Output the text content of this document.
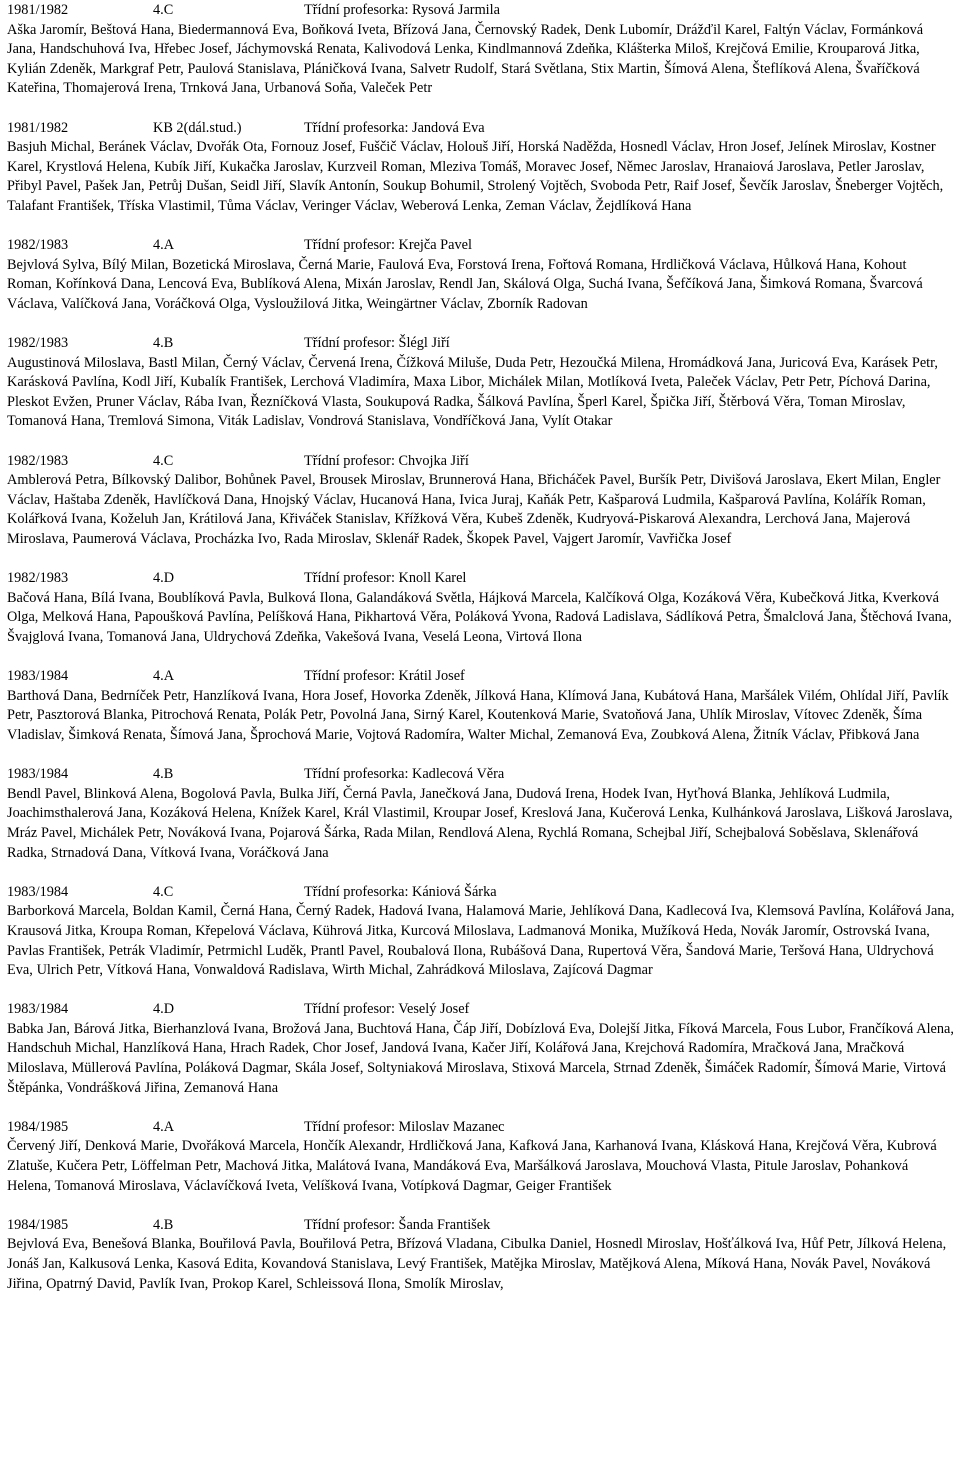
1981/1982	4.C	Třídní profesorka: Rysová Jarmila

Aška Jaromír, Beštová Hana, Biedermannová Eva, Boňková Iveta, Břízová Jana, Černovský Radek, Denk Lubomír, Drážďil Karel, Faltýn Václav, Formánková Jana, Handschuhová Iva, Hřebec Josef, Jáchymovská Renata, Kalivodová Lenka, Kindlmannová Zdeňka, Klášterka Miloš, Krejčová Emilie, Krouparová Jitka, Kylián Zdeněk, Markgraf Petr, Paulová Stanislava, Pláničková Ivana, Salvetr Rudolf, Stará Světlana, Stix Martin, Šímová Alena, Šteflíková Alena, Švaříčková Kateřina, Thomajerová Irena, Trnková Jana, Urbanová Soňa, Valeček Petr

1981/1982	KB 2(dál.stud.)	Třídní profesorka: Jandová Eva

Basjuh Michal, Beránek Václav, Dvořák Ota, Fornouz Josef, Fuščič Václav, Holouš Jiří, Horská Naděžda, Hosnedl Václav, Hron Josef, Jelínek Miroslav, Kostner Karel, Krystlová Helena, Kubík Jiří, Kukačka Jaroslav, Kurzveil Roman, Mleziva Tomáš, Moravec Josef, Němec Jaroslav, Hranaiová Jaroslava, Petler Jaroslav, Přibyl Pavel, Pašek Jan, Petrůj Dušan, Seidl Jiří, Slavík Antonín, Soukup Bohumil, Strolený Vojtěch, Svoboda Petr, Raif Josef, Ševčík Jaroslav, Šneberger Vojtěch, Talafant František, Tříska Vlastimil, Tůma Václav, Veringer Václav, Weberová Lenka, Zeman Václav, Žejdlíková Hana

1982/1983	4.A	Třídní profesor: Krejča Pavel

Bejvlová Sylva, Bílý Milan, Bozetická Miroslava, Černá Marie, Faulová Eva, Forstová Irena, Fořtová Romana, Hrdličková Václava, Hůlková Hana, Kohout Roman, Kořínková Dana, Lencová Eva, Bublíková Alena, Mixán Jaroslav, Rendl Jan, Skálová Olga, Suchá Ivana, Šefčíková Jana, Šimková Romana, Švarcová Václava, Valíčková Jana, Voráčková Olga, Vysloužilová Jitka, Weingärtner Václav, Zborník Radovan

1982/1983	4.B	Třídní profesor: Šlégl Jiří

Augustinová Miloslava, Bastl Milan, Černý Václav, Červená Irena, Čížková Miluše, Duda Petr, Hezoučká Milena, Hromádková Jana, Juricová Eva, Karásek Petr, Karásková Pavlína, Kodl Jiří, Kubalík František, Lerchová Vladimíra, Maxa Libor, Michálek Milan, Motlíková Iveta, Paleček Václav, Petr Petr, Píchová Darina, Pleskot Evžen, Pruner Václav, Rába Ivan, Řezníčková Vlasta, Soukupová Radka, Šálková Pavlína, Šperl Karel, Špička Jiří, Štěrbová Věra, Toman Miroslav, Tomanová Hana, Tremlová Simona, Viták Ladislav, Vondrová Stanislava, Vondříčková Jana, Vylít Otakar

1982/1983	4.C	Třídní profesor: Chvojka Jiří

Amblerová Petra, Bílkovský Dalibor, Bohůnek Pavel, Brousek Miroslav, Brunnerová Hana, Břicháček Pavel, Buršík Petr, Divišová Jaroslava, Ekert Milan, Engler Václav, Haštaba Zdeněk, Havlíčková Dana, Hnojský Václav, Hucanová Hana, Ivica Juraj, Kaňák Petr, Kašparová Ludmila, Kašparová Pavlína, Kolářík Roman, Kolářková Ivana, Koželuh Jan, Krátilová Jana, Křiváček Stanislav, Křížková Věra, Kubeš Zdeněk, Kudryová-Piskarová Alexandra, Lerchová Jana, Majerová Miroslava, Paumerová Václava, Procházka Ivo, Rada Miroslav, Sklenář Radek, Škopek Pavel, Vajgert Jaromír, Vavřička Josef

1982/1983	4.D	Třídní profesor: Knoll Karel

Bačová Hana, Bílá Ivana, Boublíková Pavla, Bulková Ilona, Galandáková Světla, Hájková Marcela, Kalčíková Olga, Kozáková Věra, Kubečková Jitka, Kverková Olga, Melková Hana, Papoušková Pavlína, Pelíšková Hana, Pikhartová Věra, Poláková Yvona, Radová Ladislava, Sádlíková Petra, Šmalclová Jana, Štěchová Ivana, Švajglová Ivana, Tomanová Jana, Uldrychová Zdeňka, Vakešová Ivana, Veselá Leona, Virtová Ilona

1983/1984	4.A	Třídní profesor: Krátil Josef

Barthová Dana, Bedrníček Petr, Hanzlíková Ivana, Hora Josef, Hovorka Zdeněk, Jílková Hana, Klímová Jana, Kubátová Hana, Maršálek Vilém, Ohlídal Jiří, Pavlík Petr, Pasztorová Blanka, Pitrochová Renata, Polák Petr, Povolná Jana, Sirný Karel, Koutenková Marie, Svatoňová Jana, Uhlík Miroslav, Vítovec Zdeněk, Šíma Vladislav, Šimková Renata, Šímová Jana, Šprochová Marie, Vojtová Radomíra, Walter Michal, Zemanová Eva, Zoubková Alena, Žitník Václav, Přibková Jana

1983/1984	4.B	Třídní profesorka: Kadlecová Věra

Bendl Pavel, Blinková Alena, Bogolová Pavla, Bulka Jiří, Černá Pavla, Janečková Jana, Dudová Irena, Hodek Ivan, Hyťhová Blanka, Jehlíková Ludmila, Joachimsthalerová Jana, Kozáková Helena, Knížek Karel, Král Vlastimil, Kroupar Josef, Kreslová Jana, Kučerová Lenka, Kulhánková Jaroslava, Lišková Jaroslava, Mráz Pavel, Michálek Petr, Nováková Ivana, Pojarová Šárka, Rada Milan, Rendlová Alena, Rychlá Romana, Schejbal Jiří, Schejbalová Soběslava, Sklenářová Radka, Strnadová Dana, Vítková Ivana, Voráčková Jana

1983/1984	4.C	Třídní profesorka: Kániová Šárka

Barborková Marcela, Boldan Kamil, Černá Hana, Černý Radek, Hadová Ivana, Halamová Marie, Jehlíková Dana, Kadlecová Iva, Klemsová Pavlína, Kolářová Jana, Krausová Jitka, Kroupa Roman, Křepelová Václava, Kührová Jitka, Kurcová Miloslava, Ladmanová Monika, Mužíková Heda, Novák Jaromír, Ostrovská Ivana, Pavlas František, Petrák Vladimír, Petrmichl Luděk, Prantl Pavel, Roubalová Ilona, Rubášová Dana, Rupertová Věra, Šandová Marie, Teršová Hana, Uldrychová Eva, Ulrich Petr, Vítková Hana, Vonwaldová Radislava, Wirth Michal, Zahrádková Miloslava, Zajícová Dagmar

1983/1984	4.D	Třídní profesor: Veselý Josef

Babka Jan, Bárová Jitka, Bierhanzlová Ivana, Brožová Jana, Buchtová Hana, Čáp Jiří, Dobízlová Eva, Dolejší Jitka, Fíková Marcela, Fous Lubor, Frančíková Alena, Handschuh Michal, Hanzlíková Hana, Hrach Radek, Chor Josef, Jandová Ivana, Kačer Jiří, Kolářová Jana, Krejchová Radomíra, Mračková Jana, Mračková Miloslava, Müllerová Pavlína, Poláková Dagmar, Skála Josef, Soltyniaková Miroslava, Stixová Marcela, Strnad Zdeněk, Šimáček Radomír, Šímová Marie, Virtová Štěpánka, Vondrášková Jiřina, Zemanová Hana

1984/1985	4.A	Třídní profesor: Miloslav Mazanec

Červený Jiří, Denková Marie, Dvořáková Marcela, Hončík Alexandr, Hrdličková Jana, Kafková Jana, Karhanová Ivana, Klásková Hana, Krejčová Věra, Kubrová Zlatuše, Kučera Petr, Löffelman Petr, Machová Jitka, Malátová Ivana, Mandáková Eva, Maršálková Jaroslava, Mouchová Vlasta, Pitule Jaroslav, Pohanková Helena, Tomanová Miroslava, Václavíčková Iveta, Velíšková Ivana, Votípková Dagmar, Geiger František

1984/1985	4.B	Třídní profesor: Šanda František

Bejvlová Eva, Benešová Blanka, Bouřilová Pavla, Bouřilová Petra, Břízová Vladana, Cibulka Daniel, Hosnedl Miroslav, Hošťálková Iva, Hůf Petr, Jílková Helena, Jonáš Jan, Kalkusová Lenka, Kasová Edita, Kovandová Stanislava, Levý František, Matějka Miroslav, Matějková Alena, Míková Hana, Novák Pavel, Nováková Jiřina, Opatrný David, Pavlík Ivan, Prokop Karel, Schleissová Ilona, Smolík Miroslav,
